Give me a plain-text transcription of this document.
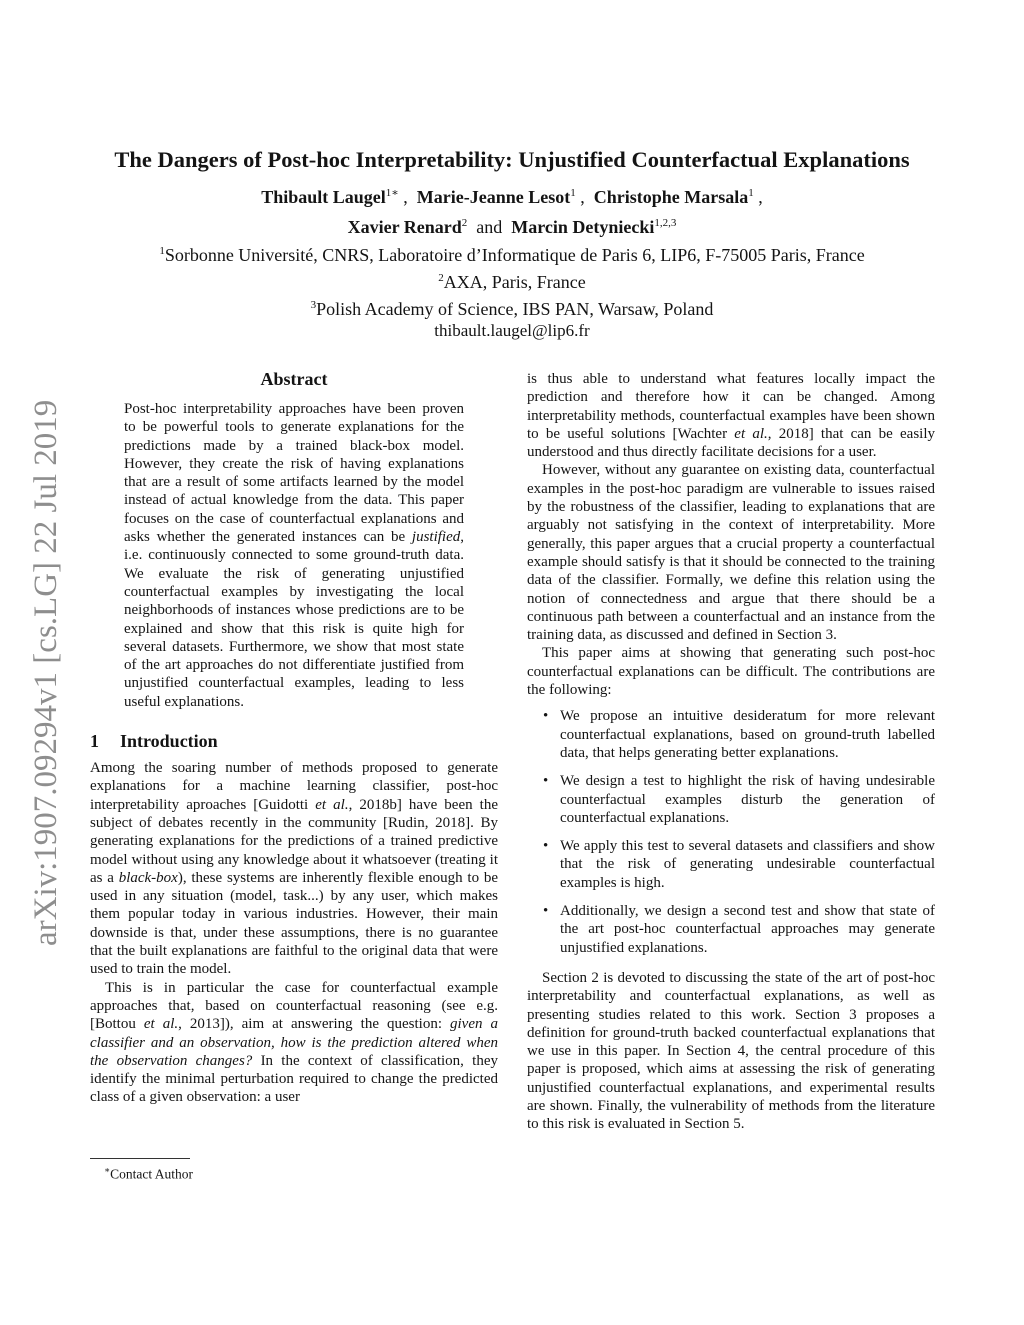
arXiv:1907.09294v1 [cs.LG] 22 Jul 2019
The Dangers of Post-hoc Interpretability: Unjustified Counterfactual Explanations
Thibault Laugel$^{1∗}$ ,  Marie-Jeanne Lesot$^1$ ,  Christophe Marsala$^1$ ,
Xavier Renard$^2$ and Marcin Detyniecki$^{1,2,3}$
$^1$Sorbonne Université, CNRS, Laboratoire d’Informatique de Paris 6, LIP6, F-75005 Paris, France
$^2$AXA, Paris, France
$^3$Polish Academy of Science, IBS PAN, Warsaw, Poland
thibault.laugel@lip6.fr
Abstract

Post-hoc interpretability approaches have been proven to be powerful tools to generate explanations for the predictions made by a trained black-box model. However, they create the risk of having explanations that are a result of some artifacts learned by the model instead of actual knowledge from the data. This paper focuses on the case of counterfactual explanations and asks whether the generated instances can be justified, i.e. continuously connected to some ground-truth data. We evaluate the risk of generating unjustified counterfactual examples by investigating the local neighborhoods of instances whose predictions are to be explained and show that this risk is quite high for several datasets. Furthermore, we show that most state of the art approaches do not differentiate justified from unjustified counterfactual examples, leading to less useful explanations.

1 Introduction

Among the soaring number of methods proposed to generate explanations for a machine learning classifier, post-hoc interpretability aproaches [Guidotti et al., 2018b] have been the subject of debates recently in the community [Rudin, 2018]. By generating explanations for the predictions of a trained predictive model without using any knowledge about it whatsoever (treating it as a black-box), these systems are inherently flexible enough to be used in any situation (model, task...) by any user, which makes them popular today in various industries. However, their main downside is that, under these assumptions, there is no guarantee that the built explanations are faithful to the original data that were used to train the model.

This is in particular the case for counterfactual example approaches that, based on counterfactual reasoning (see e.g. [Bottou et al., 2013]), aim at answering the question: given a classifier and an observation, how is the prediction altered when the observation changes? In the context of classification, they identify the minimal perturbation required to change the predicted class of a given observation: a user

∗Contact Author

is thus able to understand what features locally impact the prediction and therefore how it can be changed. Among interpretability methods, counterfactual examples have been shown to be useful solutions [Wachter et al., 2018] that can be easily understood and thus directly facilitate decisions for a user.

However, without any guarantee on existing data, counterfactual examples in the post-hoc paradigm are vulnerable to issues raised by the robustness of the classifier, leading to explanations that are arguably not satisfying in the context of interpretability. More generally, this paper argues that a crucial property a counterfactual example should satisfy is that it should be connected to the training data of the classifier. Formally, we define this relation using the notion of connectedness and argue that there should be a continuous path between a counterfactual and an instance from the training data, as discussed and defined in Section 3.

This paper aims at showing that generating such post-hoc counterfactual explanations can be difficult. The contributions are the following:

• We propose an intuitive desideratum for more relevant counterfactual explanations, based on ground-truth labelled data, that helps generating better explanations.
• We design a test to highlight the risk of having undesirable counterfactual examples disturb the generation of counterfactual explanations.
• We apply this test to several datasets and classifiers and show that the risk of generating undesirable counterfactual examples is high.
• Additionally, we design a second test and show that state of the art post-hoc counterfactual approaches may generate unjustified explanations.

Section 2 is devoted to discussing the state of the art of post-hoc interpretability and counterfactual explanations, as well as presenting studies related to this work. Section 3 proposes a definition for ground-truth backed counterfactual explanations that we use in this paper. In Section 4, the central procedure of this paper is proposed, which aims at assessing the risk of generating unjustified counterfactual explanations, and experimental results are shown. Finally, the vulnerability of methods from the literature to this risk is evaluated in Section 5.
